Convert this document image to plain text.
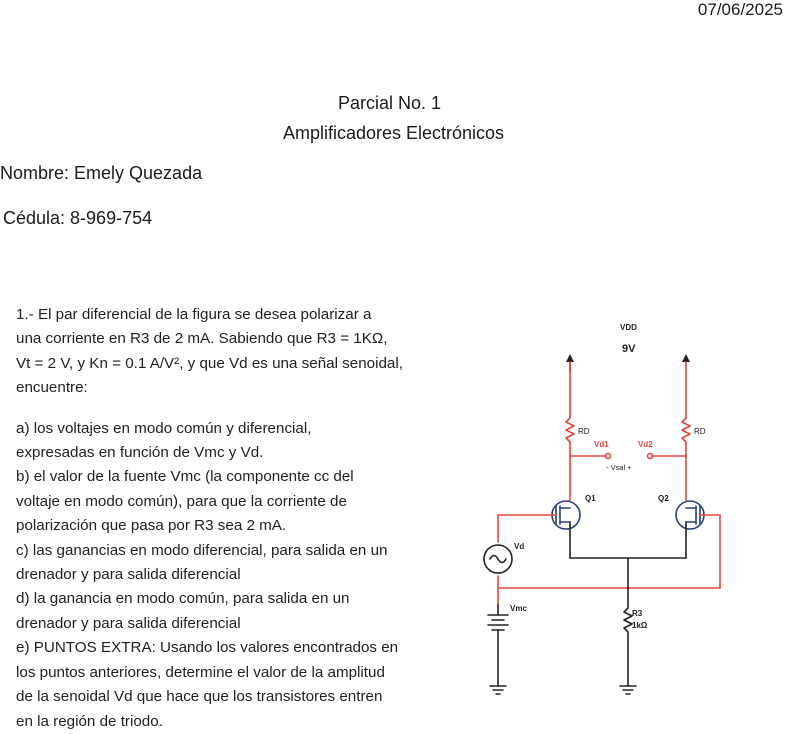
07/06/2025
Parcial No. 1
Amplificadores Electrónicos
Nombre: Emely Quezada
Cédula: 8-969-754

1.- El par diferencial de la figura se desea polarizar a

una corriente en R3 de 2 mA. Sabiendo que R3 = 1KΩ,

Vt = 2 V, y Kn = 0.1 A/V², y que Vd es una señal senoidal,

encuentre:

a) los voltajes en modo común y diferencial,

expresadas en función de Vmc y Vd.

b) el valor de la fuente Vmc (la componente cc del

voltaje en modo común), para que la corriente de

polarización que pasa por R3 sea 2 mA.

c) las ganancias en modo diferencial, para salida en un

drenador y para salida diferencial

d) la ganancia en modo común, para salida en un

drenador y para salida diferencial

e) PUNTOS EXTRA: Usando los valores encontrados en

los puntos anteriores, determine el valor de la amplitud

de la senoidal Vd que hace que los transistores entren

en la región de triodo.

VDD
9V
RD	RD
Vd1	Vd2
- Vsal +
Q1	Q2
Vd
Vmc
R3
1kΩ
